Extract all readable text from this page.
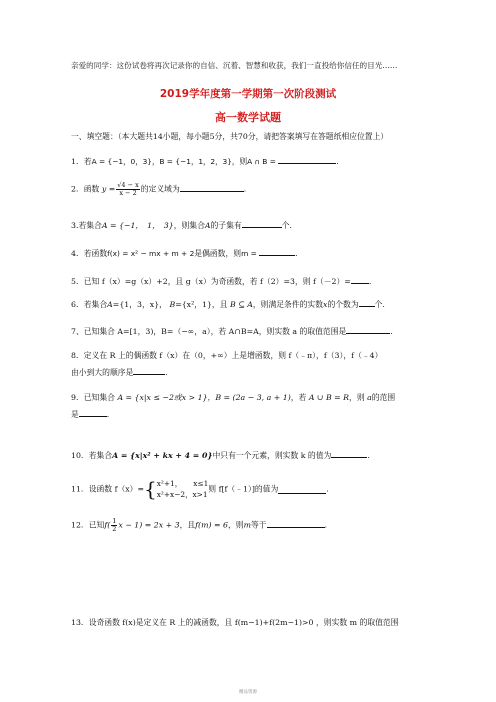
亲爱的同学：这份试卷将再次记录你的自信、沉着、智慧和收获，我们一直投给你信任的目光……
2019学年度第一学期第一次阶段测试
高一数学试题
一、填空题：（本大题共14小题，每小题5分，共70分，请把答案填写在答题纸相应位置上）
1．若A = {−1，0，3}，B = {−1，1，2，3}，则A ∩ B =	.
2．函数 $y = \frac{√4 - x}{x - 2}$ 的定义域为	.
3.若集合A = {−1，　1，　3}，则集合A的子集有	个.
4．若函数f(x) = x² − mx + m + 2是偶函数，则m =	.
5．已知 f（x）=g（x）+2，且 g（x）为奇函数，若 f（2）=3，则 f（－2）= .
6．若集合A={1，3，x}， B={x²，1}，且 B ⊆ A，则满足条件的实数x的个数为 个.
7、已知集合 A=[1，3)，B=（−∞，a），若 A∩B=A，则实数 a 的取值范围是	.
8．定义在 R 上的偶函数 f（x）在（0，+∞）上是增函数，则 f（﹣π），f（3），f（﹣4）
由小到大的顺序是	.
9．已知集合 A = {x|x ≤ −2或x > 1}，B = (2a − 3, a + 1)，若 A ∪ B = R，则 a的范围
是	.
10．若集合A = {x|x² + kx + 4 = 0}中只有一个元素，则实数 k 的值为	.
11．设函数 f（x）={ x²+1，　　x≤1
x²+x−2，x>1
则 f[f（﹣1）]的值为	.
12．已知$f( \frac{1}{2}$ x − 1) = 2x + 3，且f(m) = 6，则m等于	.
13．设奇函数 f(x)是定义在 R 上的减函数，且 f(m−1)+f(2m−1)>0 ，则实数 m 的取值范围
精品资源
